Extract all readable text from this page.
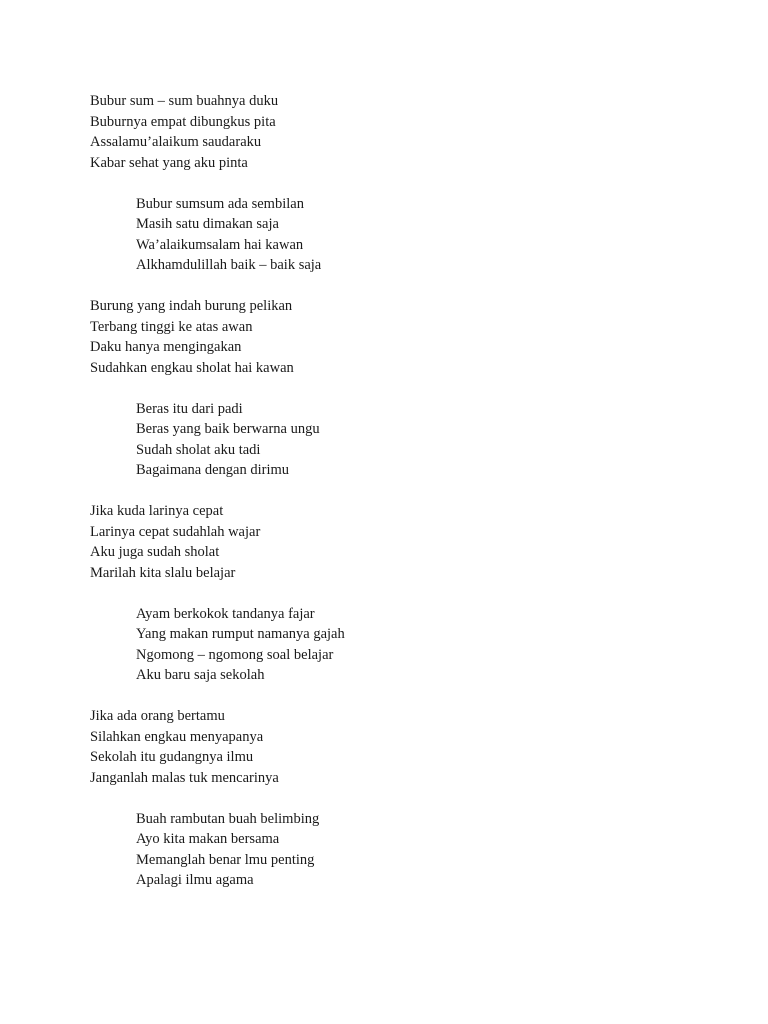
Bubur sum – sum buahnya duku
Buburnya empat dibungkus pita
Assalamu’alaikum saudaraku
Kabar sehat yang aku pinta
Bubur sumsum ada sembilan
Masih satu dimakan saja
Wa’alaikumsalam hai kawan
Alkhamdulillah baik – baik saja
Burung yang indah burung pelikan
Terbang tinggi ke atas awan
Daku hanya mengingakan
Sudahkan engkau sholat hai kawan
Beras itu dari padi
Beras yang baik berwarna ungu
Sudah sholat aku tadi
Bagaimana dengan dirimu
Jika kuda larinya cepat
Larinya cepat sudahlah wajar
Aku juga sudah sholat
Marilah kita slalu belajar
Ayam berkokok tandanya fajar
Yang makan rumput namanya gajah
Ngomong – ngomong soal belajar
Aku baru saja sekolah
Jika ada orang bertamu
Silahkan engkau menyapanya
Sekolah itu gudangnya ilmu
Janganlah malas tuk mencarinya
Buah rambutan buah belimbing
Ayo kita makan bersama
Memanglah benar lmu penting
Apalagi ilmu agama
